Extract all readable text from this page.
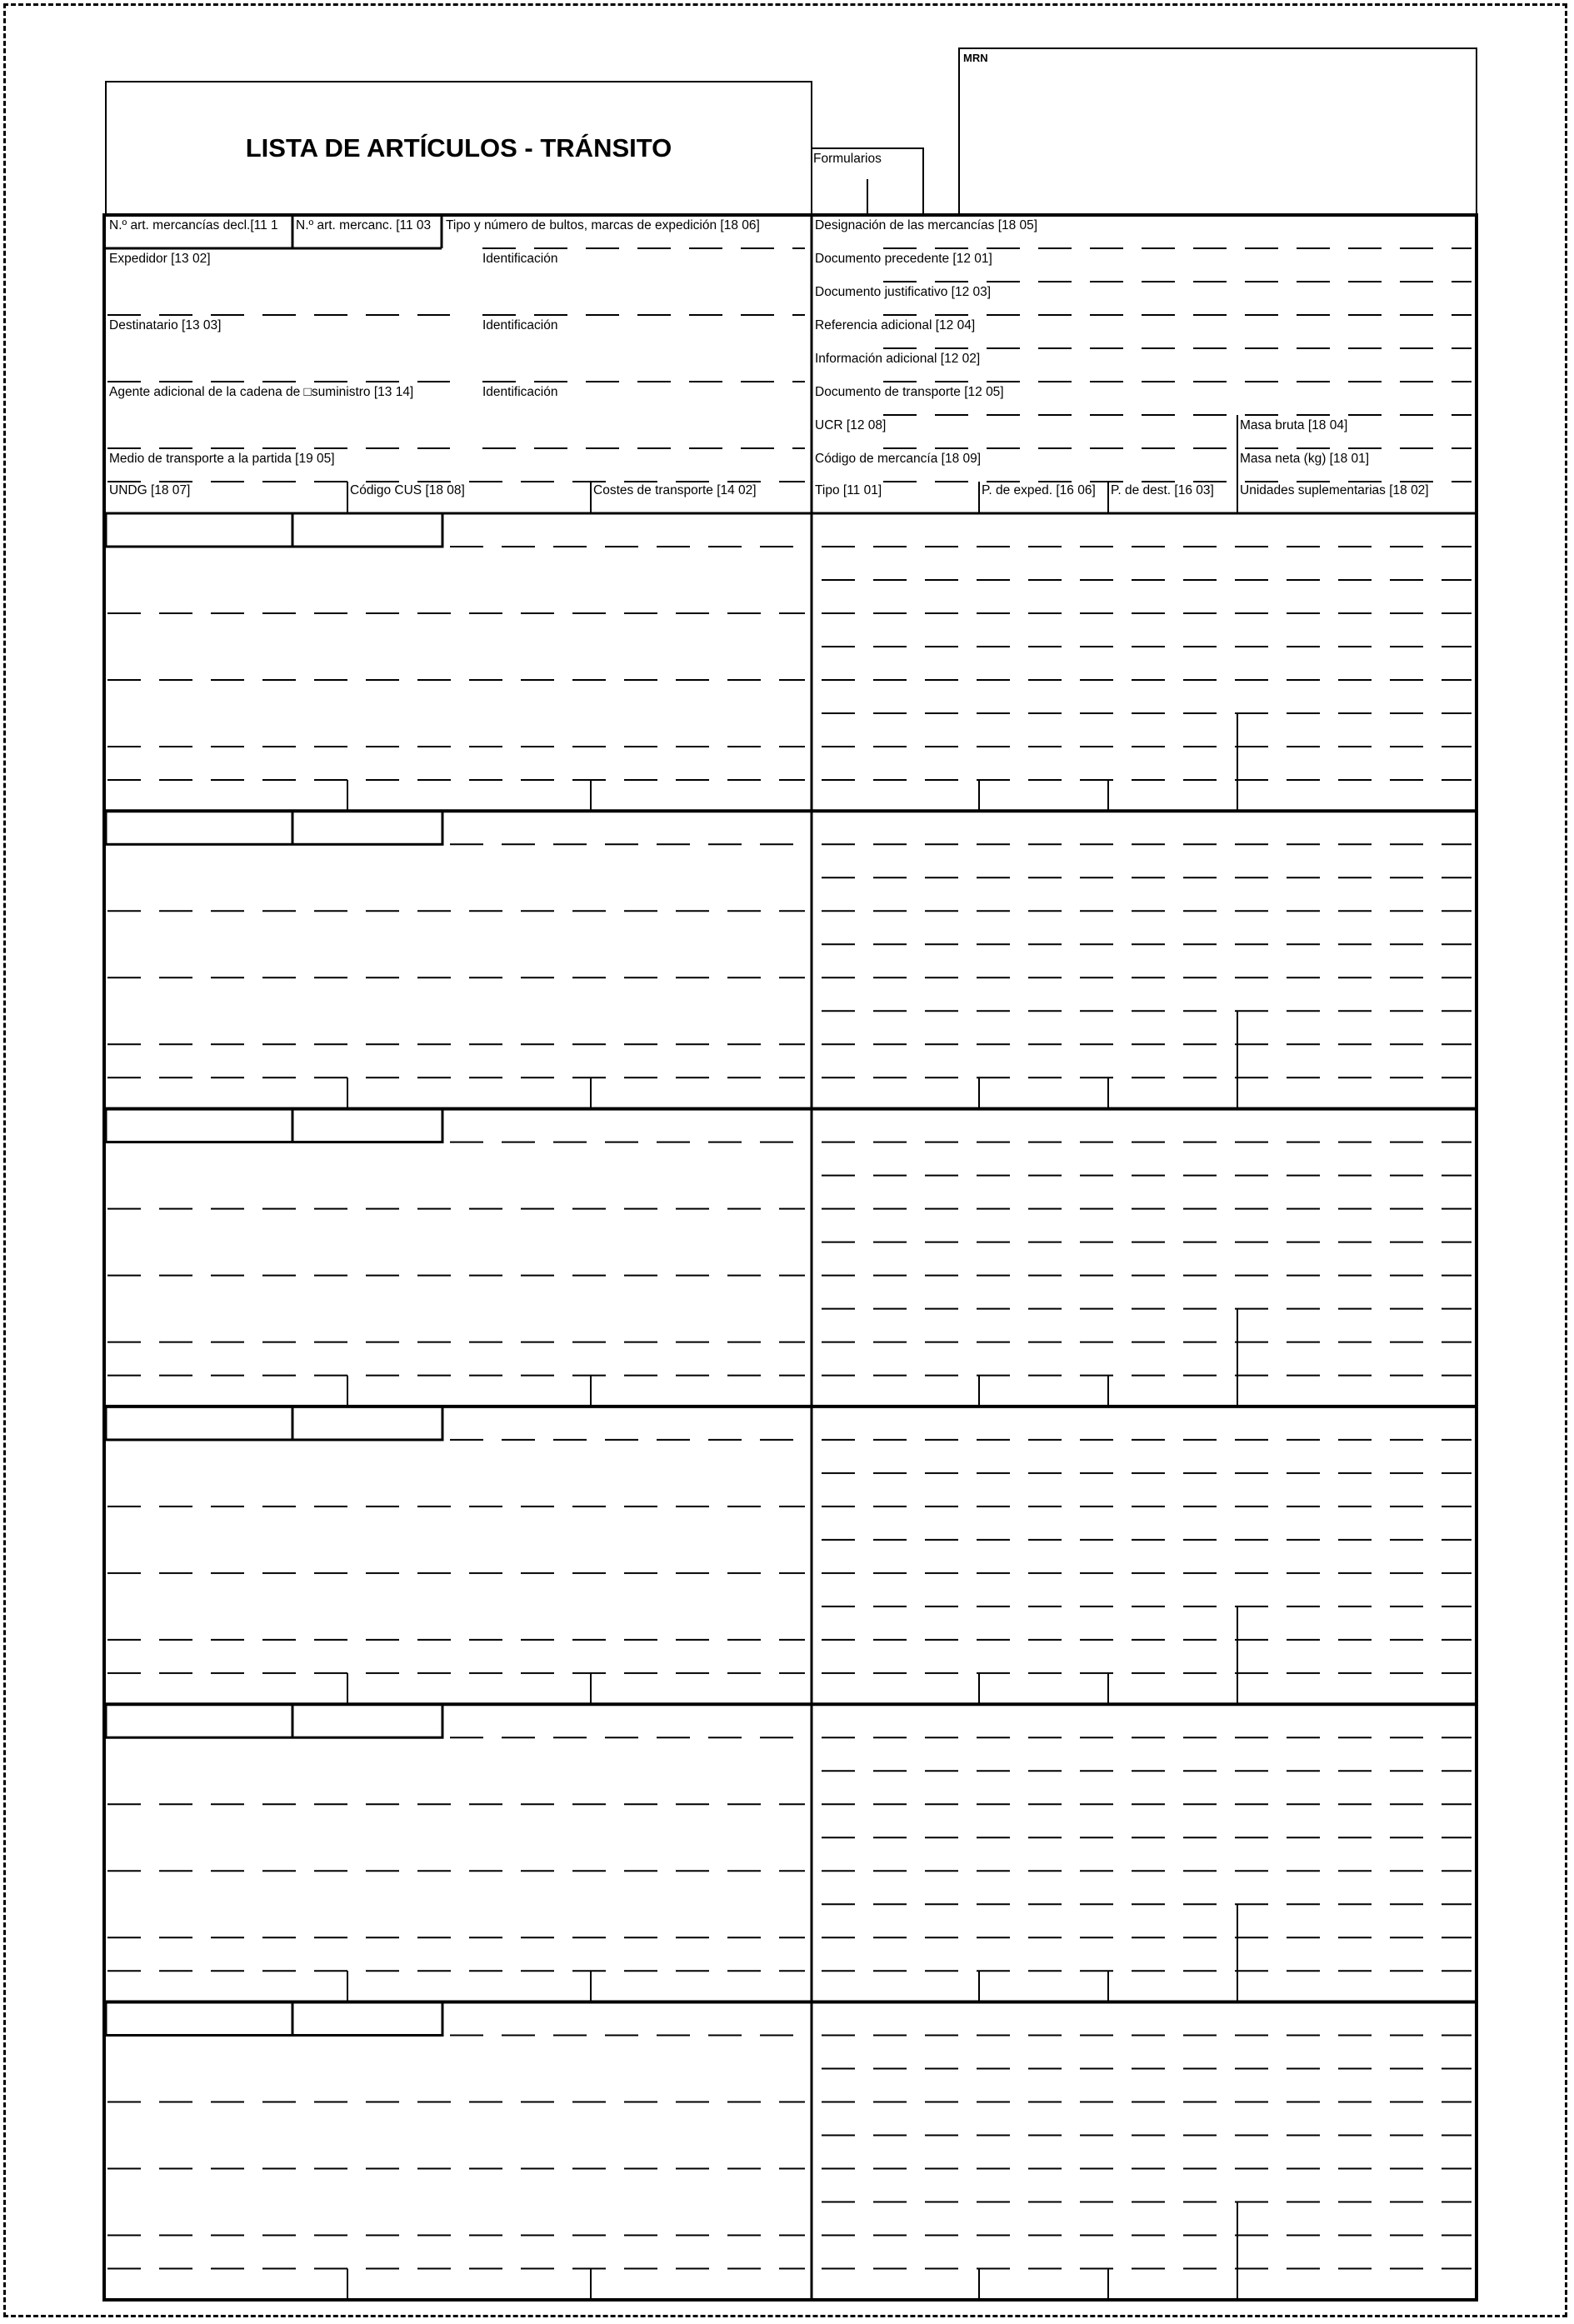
LISTA DE ARTÍCULOS - TRÁNSITO	Formularios
MRN
N.º art. mercancías decl.[11 1	N.º art. mercanc. [11 03	Tipo y número de bultos, marcas de expedición [18 06]	Designación de las mercancías [18 05]
Expedidor [13 02]	Identificación	Documento precedente [12 01]
Documento justificativo [12 03]
Destinatario [13 03]	Identificación	Referencia adicional [12 04]
Información adicional [12 02]
Agente adicional de la cadena de □suministro [13 14]	Identificación	Documento de transporte [12 05]
UCR [12 08]	Masa bruta [18 04]
Medio de transporte a la partida [19 05]	Código de mercancía [18 09]	Masa neta (kg) [18 01]
UNDG [18 07]	Código CUS [18 08]	Costes de transporte [14 02]	Tipo [11 01]	P. de exped. [16 06] P. de dest. [16 03] Unidades suplementarias [18 02]
